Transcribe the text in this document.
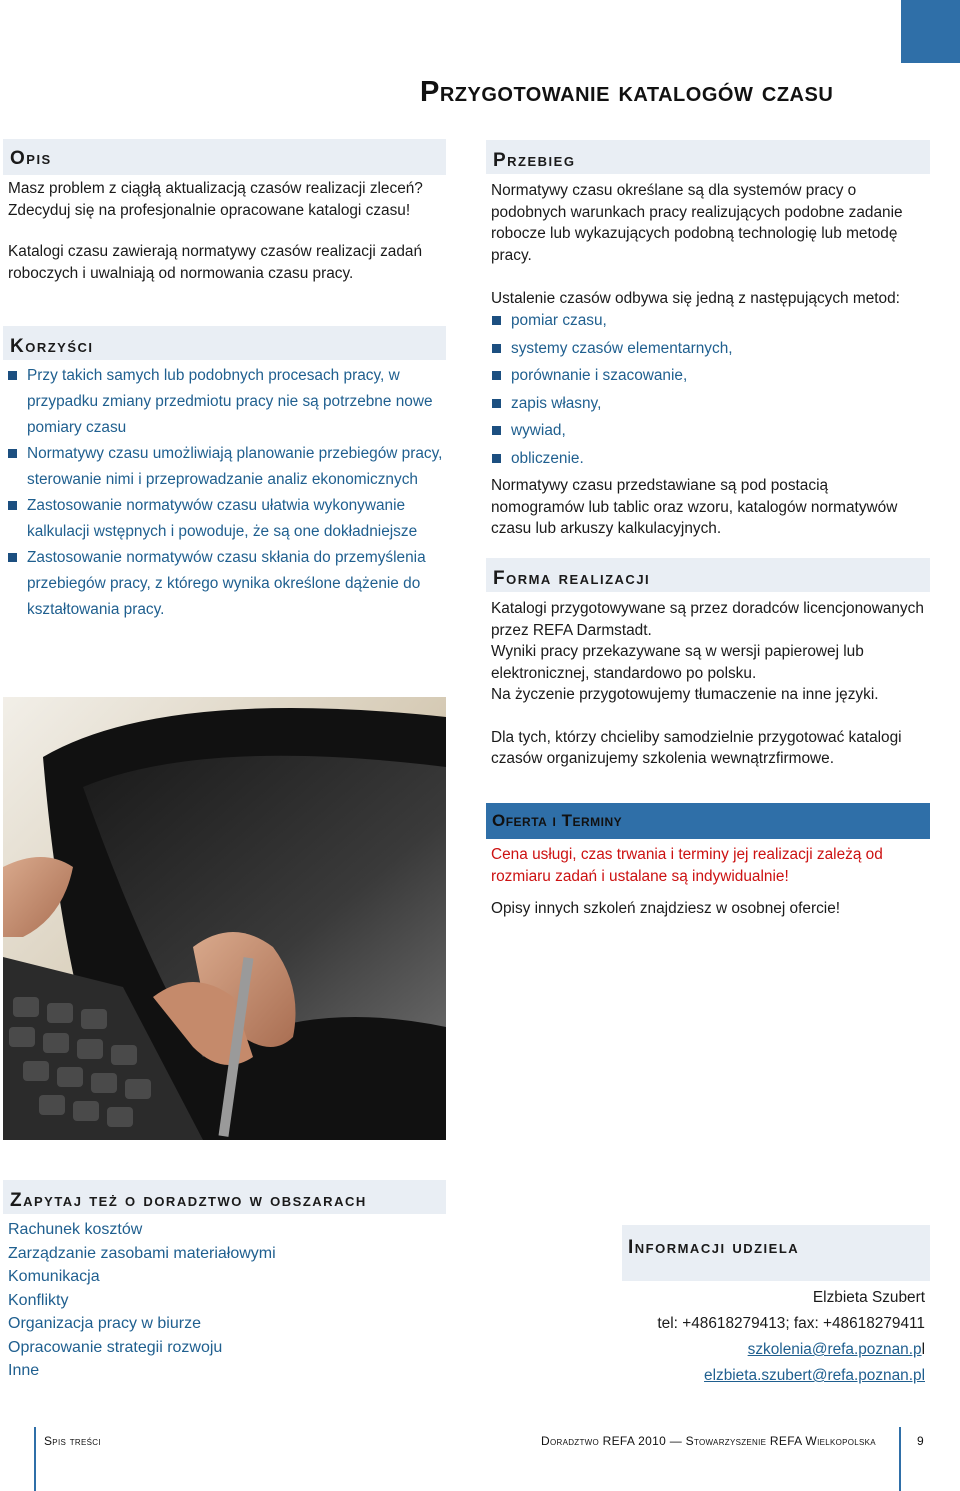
Przygotowanie katalogów czasu
Opis
Masz problem z ciągłą aktualizacją czasów realizacji zleceń? Zdecyduj się na profesjonalnie opracowane katalogi czasu!
Katalogi czasu zawierają normatywy czasów realizacji zadań roboczych i uwalniają od normowania czasu pracy.
Korzyści
Przy takich samych lub podobnych procesach pracy, w przypadku zmiany przedmiotu pracy nie są potrzebne nowe pomiary czasu
Normatywy czasu umożliwiają planowanie przebiegów pracy, sterowanie nimi i przeprowadzanie analiz ekonomicznych
Zastosowanie normatywów czasu ułatwia wykonywanie kalkulacji wstępnych i powoduje, że są one dokładniejsze
Zastosowanie normatywów czasu skłania do przemyślenia przebiegów pracy, z którego wynika określone dążenie do kształtowania pracy.
Przebieg
Normatywy czasu określane są dla systemów pracy o podobnych warunkach pracy realizujących podobne zadanie robocze lub wykazujących podobną technologię lub metodę pracy.
Ustalenie czasów odbywa się jedną z następujących metod:
pomiar czasu,
systemy czasów elementarnych,
porównanie i szacowanie,
zapis własny,
wywiad,
obliczenie.
Normatywy czasu przedstawiane są pod postacią nomogramów lub tablic oraz wzoru, katalogów normatywów czasu lub arkuszy kalkulacyjnych.
Forma realizacji
Katalogi przygotowywane są przez doradców licencjonowanych przez REFA Darmstadt.
Wyniki pracy przekazywane są w wersji papierowej lub elektronicznej, standardowo po polsku.
Na życzenie przygotowujemy tłumaczenie na inne języki.
Dla tych, którzy chcieliby samodzielnie przygotować katalogi czasów organizujemy szkolenia wewnątrzfirmowe.
Oferta i Terminy
Cena usługi, czas trwania i terminy jej realizacji zależą od rozmiaru zadań i ustalane są indywidualnie!
Opisy innych szkoleń znajdziesz w osobnej ofercie!
Zapytaj też o doradztwo w obszarach
Rachunek kosztów
Zarządzanie zasobami materiałowymi
Komunikacja
Konflikty
Organizacja pracy w biurze
Opracowanie strategii rozwoju
Inne
Informacji udziela
Elzbieta Szubert
tel: +48618279413; fax: +48618279411
szkolenia@refa.poznan.pl
elzbieta.szubert@refa.poznan.pl
Spis treści	Doradztwo REFA 2010 — Stowarzyszenie REFA Wielkopolska	9
